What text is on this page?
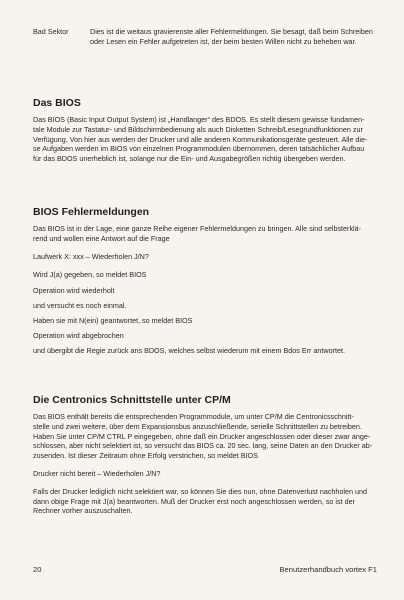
Bad Sektor	Dies ist die weitaus gravierenste aller Fehlermeldungen. Sie besagt, daß beim Schreiben
oder Lesen ein Fehler aufgetreten ist, der beim besten Willen nicht zu beheben war.
Das BIOS

Das BIOS (Basic Input Output System) ist „Handlanger“ des BDOS. Es stellt diesem gewisse fundamen-

tale Module zur Tastatur- und Bildschirmbedienung als auch Disketten Schreib/Lesegrundfunktionen zur

Verfügung. Von hier aus werden der Drucker und alle anderen Kommunikationsgeräte gesteuert. Alle die-

se Aufgaben werden im BIOS von einzelnen Programmodulen übernommen, deren tatsächlicher Aufbau

für das BDOS unerheblich ist, solange nur die Ein- und Ausgabegrößen richtig übergeben werden.

BIOS Fehlermeldungen

Das BIOS ist in der Lage, eine ganze Reihe eigener Fehlermeldungen zu bringen. Alle sind selbsterklä-

rend und wollen eine Antwort auf die Frage

Laufwerk X: xxx – Wiederholen J/N?

Wird J(a) gegeben, so meldet BIOS

Operation wird wiederholt

und versucht es noch einmal.

Haben sie mit N(ein) geantwortet, so meldet BIOS

Operation wird abgebrochen

und übergibt die Regie zurück ans BDOS, welches selbst wiederum mit einem Bdos Err antwortet.

Die Centronics Schnittstelle unter CP/M

Das BIOS enthält bereits die entsprechenden Programmodule, um unter CP/M die Centronicsschnitt-

stelle und zwei weitere, über dem Expansionsbus anzuschließende, serielle Schnittstellen zu betreiben.

Haben Sie unter CP/M CTRL P eingegeben, ohne daß ein Drucker angeschlossen oder dieser zwar ange-

schlossen, aber nicht selektiert ist, so versucht das BIOS ca. 20 sec. lang, seine Daten an den Drucker ab-

zusenden. Ist dieser Zeitraum ohne Erfolg verstrichen, so meldet BIOS

Drucker nicht bereit – Wiederholen J/N?

Falls der Drucker lediglich nicht selektiert war, so können Sie dies nun, ohne Datenverlust nachholen und

dann obige Frage mit J(a) beantworten. Muß der Drucker erst noch angeschlossen werden, so ist der

Rechner vorher auszuschalten.

20	Benutzerhandbuch vortex F1
